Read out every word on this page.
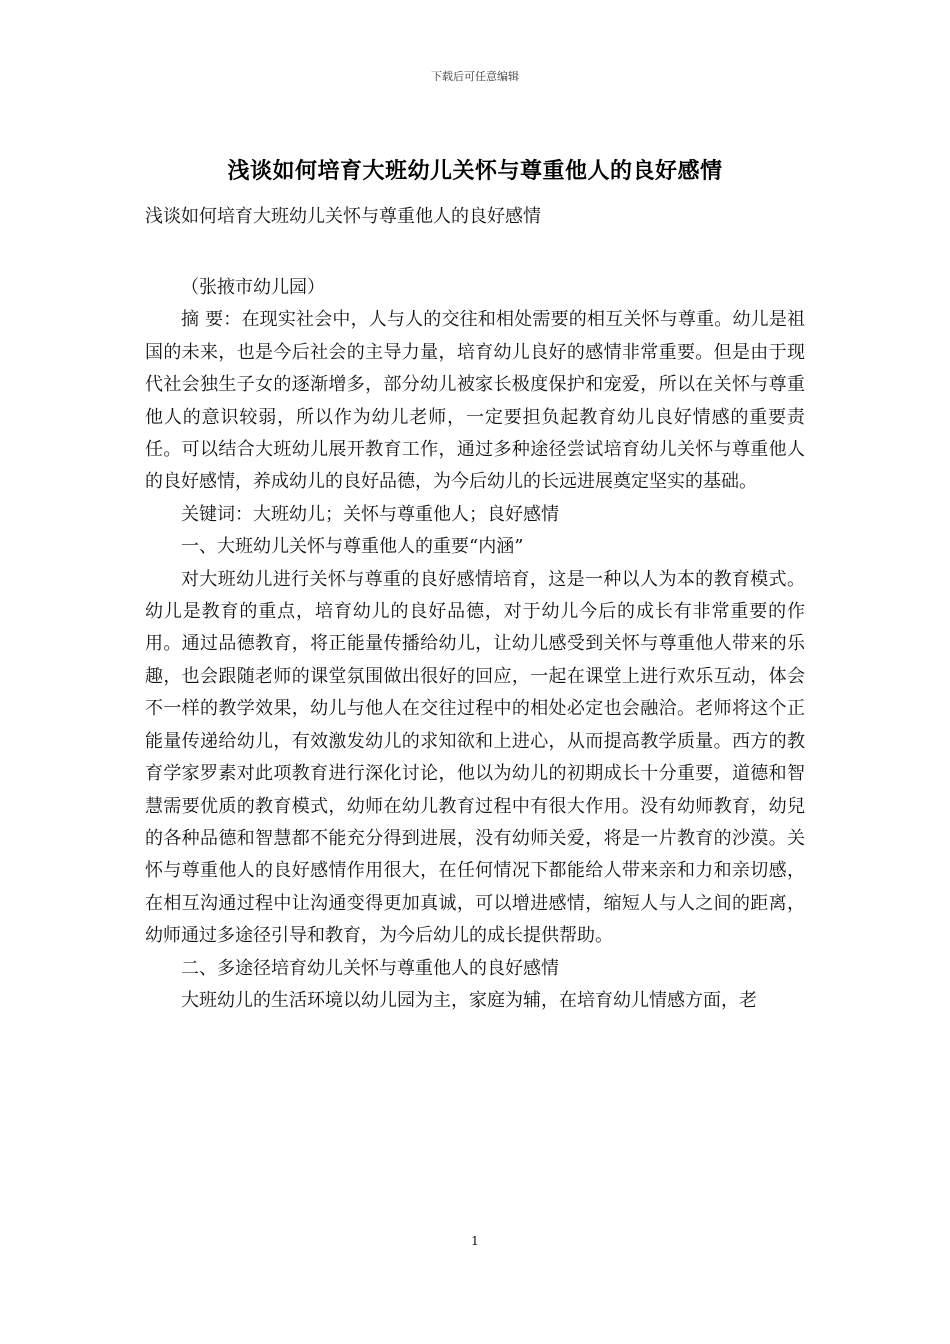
下载后可任意编辑
浅谈如何培育大班幼儿关怀与尊重他人的良好感情
浅谈如何培育大班幼儿关怀与尊重他人的良好感情

（张掖市幼儿园）

摘 要：在现实社会中，人与人的交往和相处需要的相互关怀与尊重。幼儿是祖国的未来，也是今后社会的主导力量，培育幼儿良好的感情非常重要。但是由于现代社会独生子女的逐渐增多，部分幼儿被家长极度保护和宠爱，所以在关怀与尊重他人的意识较弱，所以作为幼儿老师，一定要担负起教育幼儿良好情感的重要责任。可以结合大班幼儿展开教育工作，通过多种途径尝试培育幼儿关怀与尊重他人的良好感情，养成幼儿的良好品德，为今后幼儿的长远进展奠定坚实的基础。

关键词：大班幼儿；关怀与尊重他人；良好感情

一、大班幼儿关怀与尊重他人的重要“内涵”

对大班幼儿进行关怀与尊重的良好感情培育，这是一种以人为本的教育模式。幼儿是教育的重点，培育幼儿的良好品德，对于幼儿今后的成长有非常重要的作用。通过品德教育，将正能量传播给幼儿，让幼儿感受到关怀与尊重他人带来的乐趣，也会跟随老师的课堂氛围做出很好的回应，一起在课堂上进行欢乐互动，体会不一样的教学效果，幼儿与他人在交往过程中的相处必定也会融洽。老师将这个正能量传递给幼儿，有效激发幼儿的求知欲和上进心，从而提高教学质量。西方的教育学家罗素对此项教育进行深化讨论，他以为幼儿的初期成长十分重要，道德和智慧需要优质的教育模式，幼师在幼儿教育过程中有很大作用。没有幼师教育，幼兒的各种品德和智慧都不能充分得到进展，没有幼师关爱，将是一片教育的沙漠。关怀与尊重他人的良好感情作用很大，在任何情况下都能给人带来亲和力和亲切感，在相互沟通过程中让沟通变得更加真诚，可以增进感情，缩短人与人之间的距离，幼师通过多途径引导和教育，为今后幼儿的成长提供帮助。

二、多途径培育幼儿关怀与尊重他人的良好感情

大班幼儿的生活环境以幼儿园为主，家庭为辅，在培育幼儿情感方面，老

1
